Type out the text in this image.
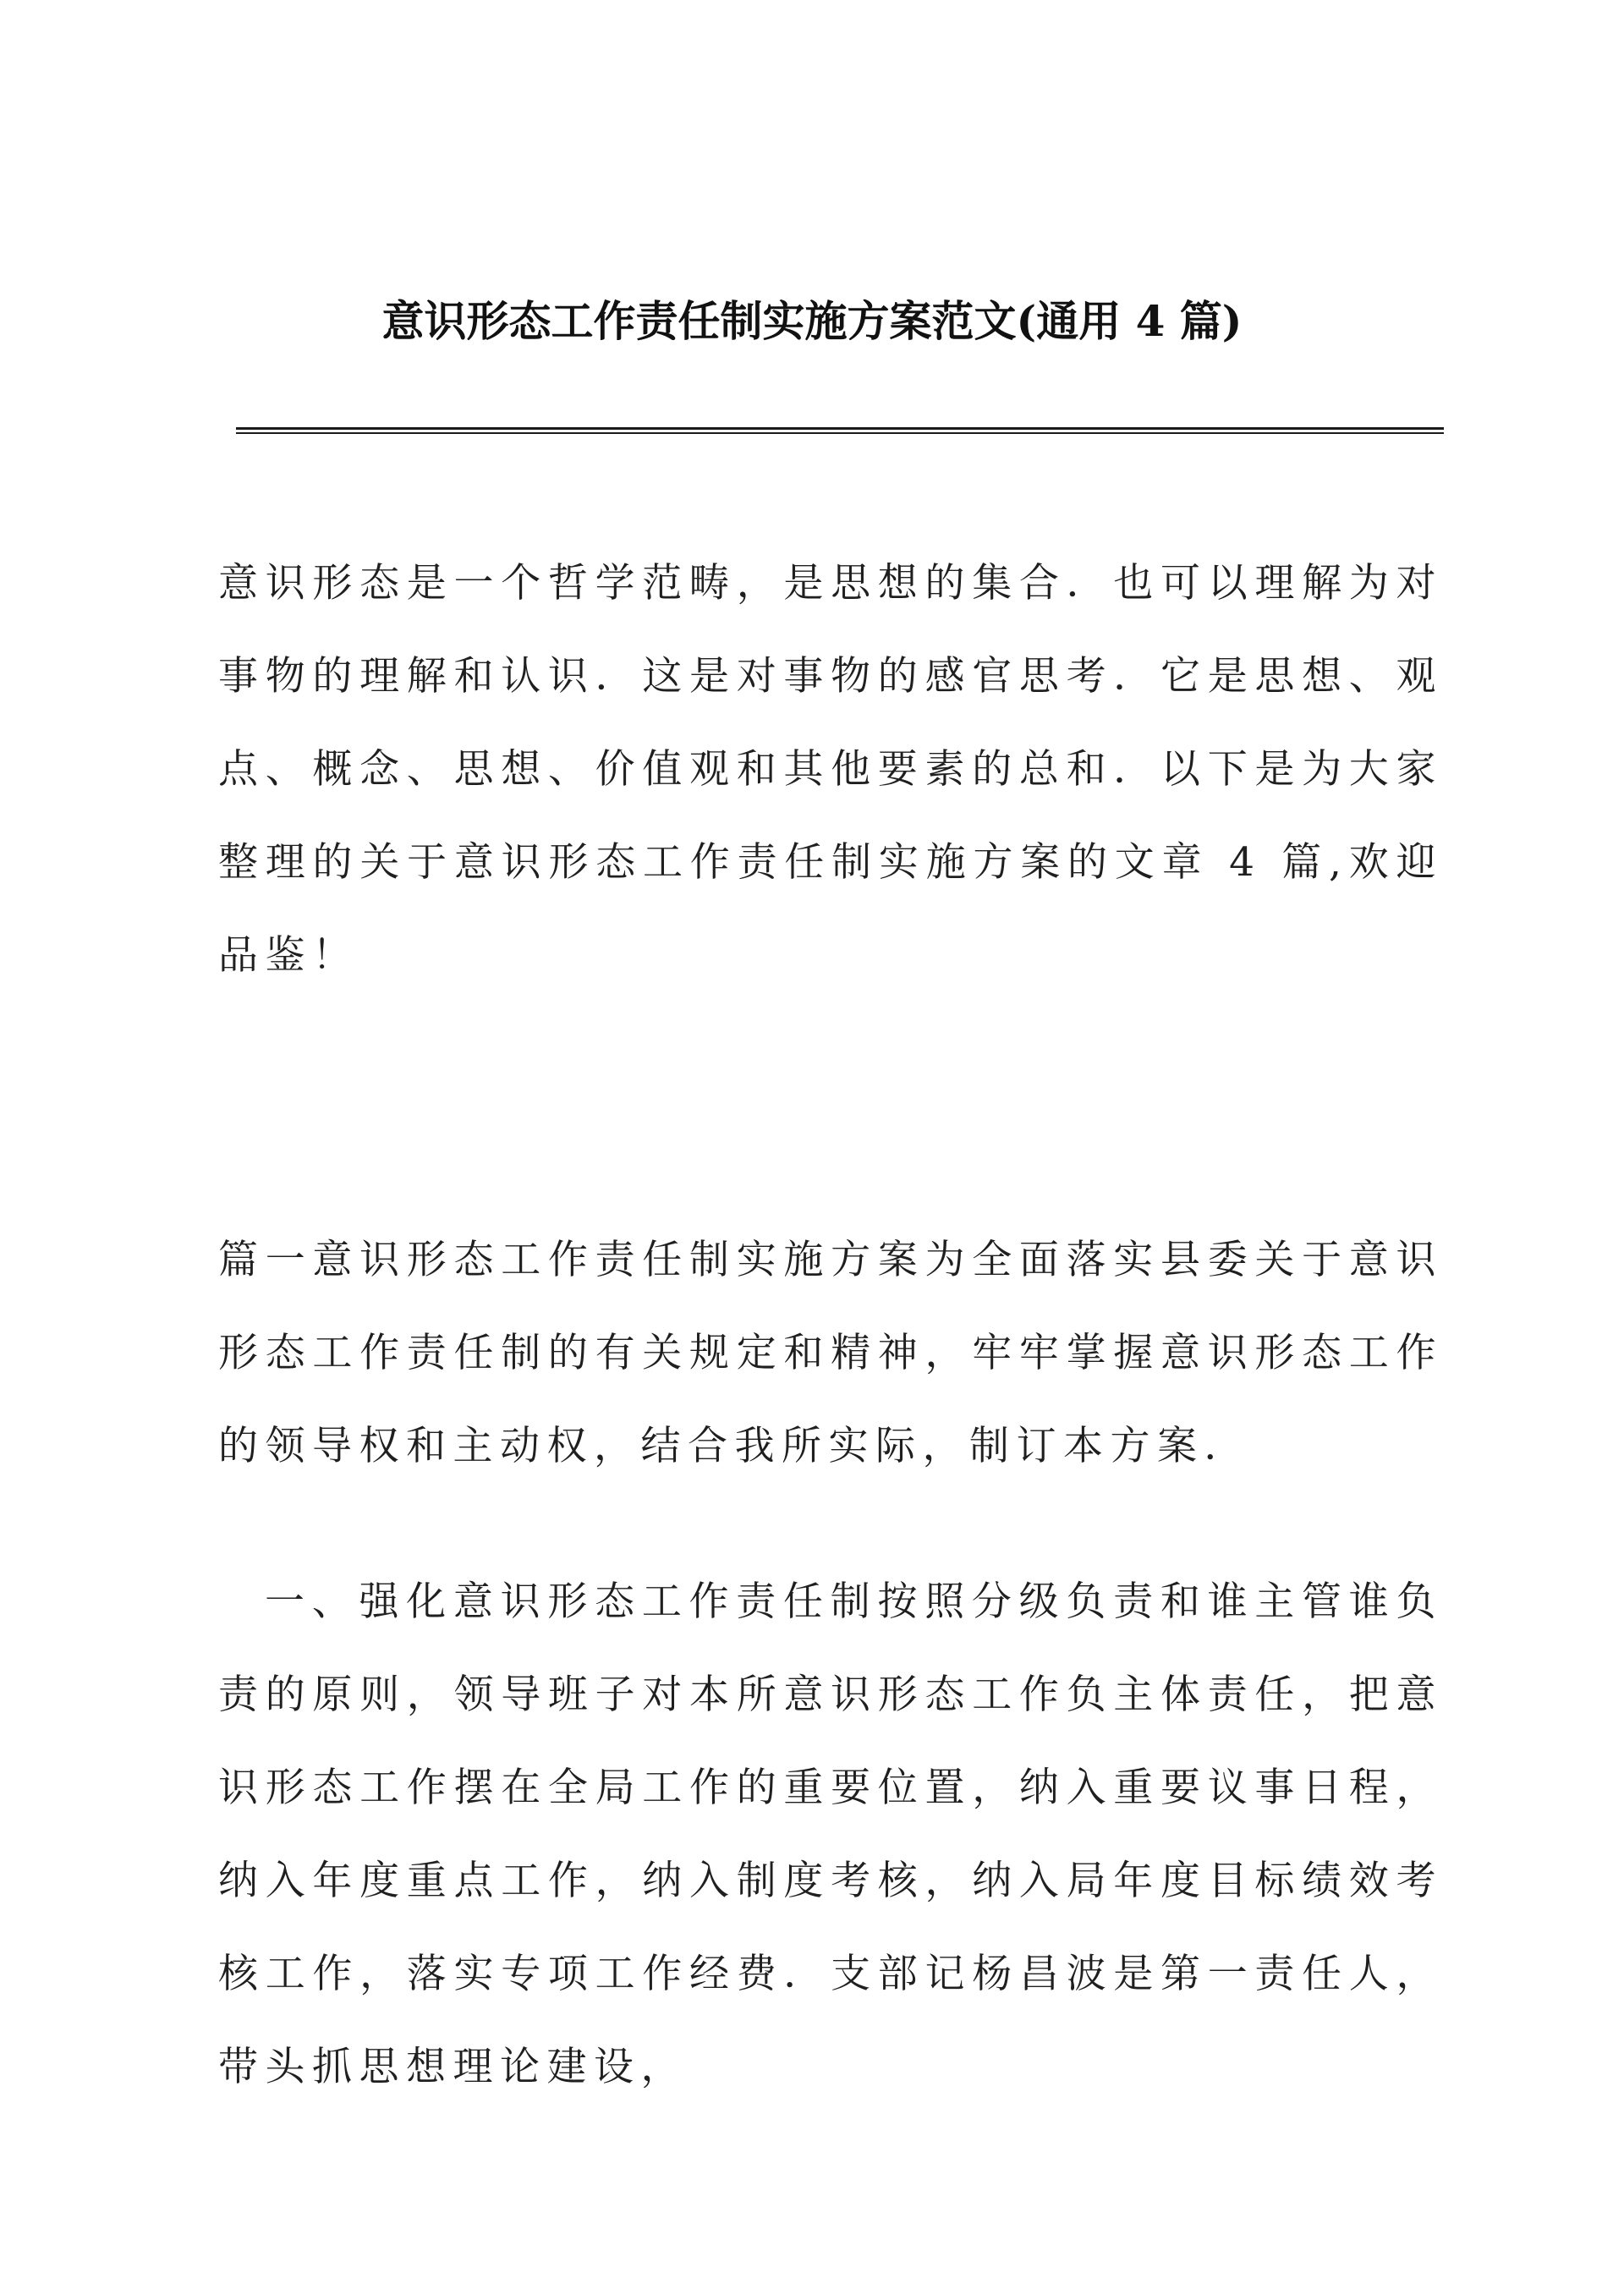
意识形态工作责任制实施方案范文(通用 4 篇)

意识形态是一个哲学范畴，是思想的集合．也可以理解为对事物的理解和认识．这是对事物的感官思考．它是思想、观点、概念、思想、价值观和其他要素的总和．以下是为大家整理的关于意识形态工作责任制实施方案的文章 4 篇,欢迎品鉴！

篇一意识形态工作责任制实施方案为全面落实县委关于意识形态工作责任制的有关规定和精神，牢牢掌握意识形态工作的领导权和主动权，结合我所实际，制订本方案．

一、强化意识形态工作责任制按照分级负责和谁主管谁负责的原则，领导班子对本所意识形态工作负主体责任，把意识形态工作摆在全局工作的重要位置，纳入重要议事日程，纳入年度重点工作，纳入制度考核，纳入局年度目标绩效考核工作，落实专项工作经费．支部记杨昌波是第一责任人，带头抓思想理论建设，
